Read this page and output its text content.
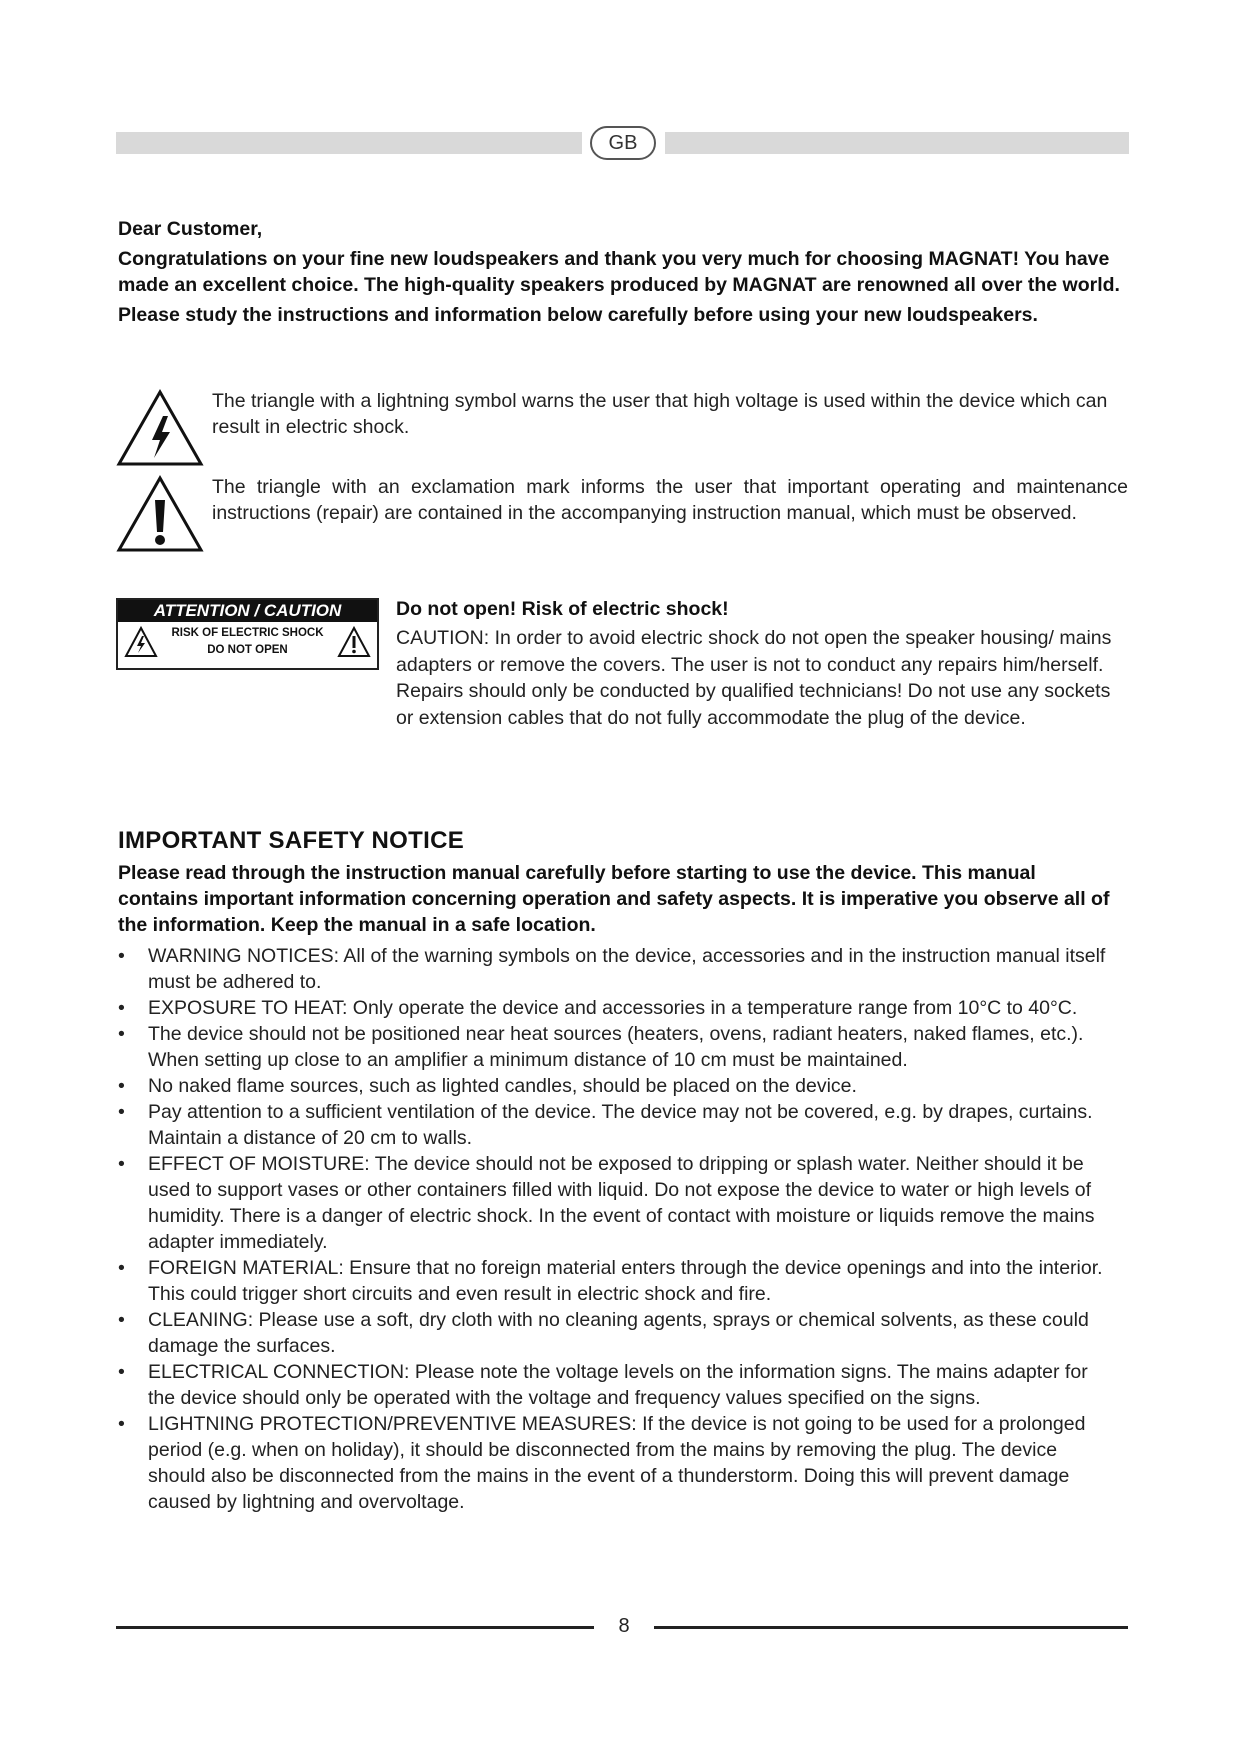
GB

Dear Customer,

Congratulations on your fine new loudspeakers and thank you very much for choosing MAGNAT! You have made an excellent choice. The high-quality speakers produced by MAGNAT are renowned all over the world.

Please study the instructions and information below carefully before using your new loudspeakers.

The triangle with a lightning symbol warns the user that high voltage is used within the device which can result in electric shock.
The triangle with an exclamation mark informs the user that important operating and maintenance instructions (repair) are contained in the accompanying instruction manual, which must be observed.
ATTENTION / CAUTION
RISK OF ELECTRIC SHOCK
DO NOT OPEN
Do not open! Risk of electric shock!
CAUTION: In order to avoid electric shock do not open the speaker housing/ mains adapters or remove the covers. The user is not to conduct any repairs him/herself. Repairs should only be conducted by qualified technicians! Do not use any sockets or extension cables that do not fully accommodate the plug of the device.
IMPORTANT SAFETY NOTICE
Please read through the instruction manual carefully before starting to use the device. This manual contains important information concerning operation and safety aspects. It is imperative you observe all of the information. Keep the manual in a safe location.
• WARNING NOTICES: All of the warning symbols on the device, accessories and in the instruction manual itself must be adhered to.
• EXPOSURE TO HEAT: Only operate the device and accessories in a temperature range from 10°C to 40°C.
• The device should not be positioned near heat sources (heaters, ovens, radiant heaters, naked flames, etc.). When setting up close to an amplifier a minimum distance of 10 cm must be maintained.
• No naked flame sources, such as lighted candles, should be placed on the device.
• Pay attention to a sufficient ventilation of the device. The device may not be covered, e.g. by drapes, curtains. Maintain a distance of 20 cm to walls.
• EFFECT OF MOISTURE: The device should not be exposed to dripping or splash water. Neither should it be used to support vases or other containers filled with liquid. Do not expose the device to water or high levels of humidity. There is a danger of electric shock. In the event of contact with moisture or liquids remove the mains adapter immediately.
• FOREIGN MATERIAL: Ensure that no foreign material enters through the device openings and into the interior. This could trigger short circuits and even result in electric shock and fire.
• CLEANING: Please use a soft, dry cloth with no cleaning agents, sprays or chemical solvents, as these could damage the surfaces.
• ELECTRICAL CONNECTION: Please note the voltage levels on the information signs. The mains adapter for the device should only be operated with the voltage and frequency values specified on the signs.
• LIGHTNING PROTECTION/PREVENTIVE MEASURES: If the device is not going to be used for a prolonged period (e.g. when on holiday), it should be disconnected from the mains by removing the plug. The device should also be disconnected from the mains in the event of a thunderstorm. Doing this will prevent damage caused by lightning and overvoltage.
8
